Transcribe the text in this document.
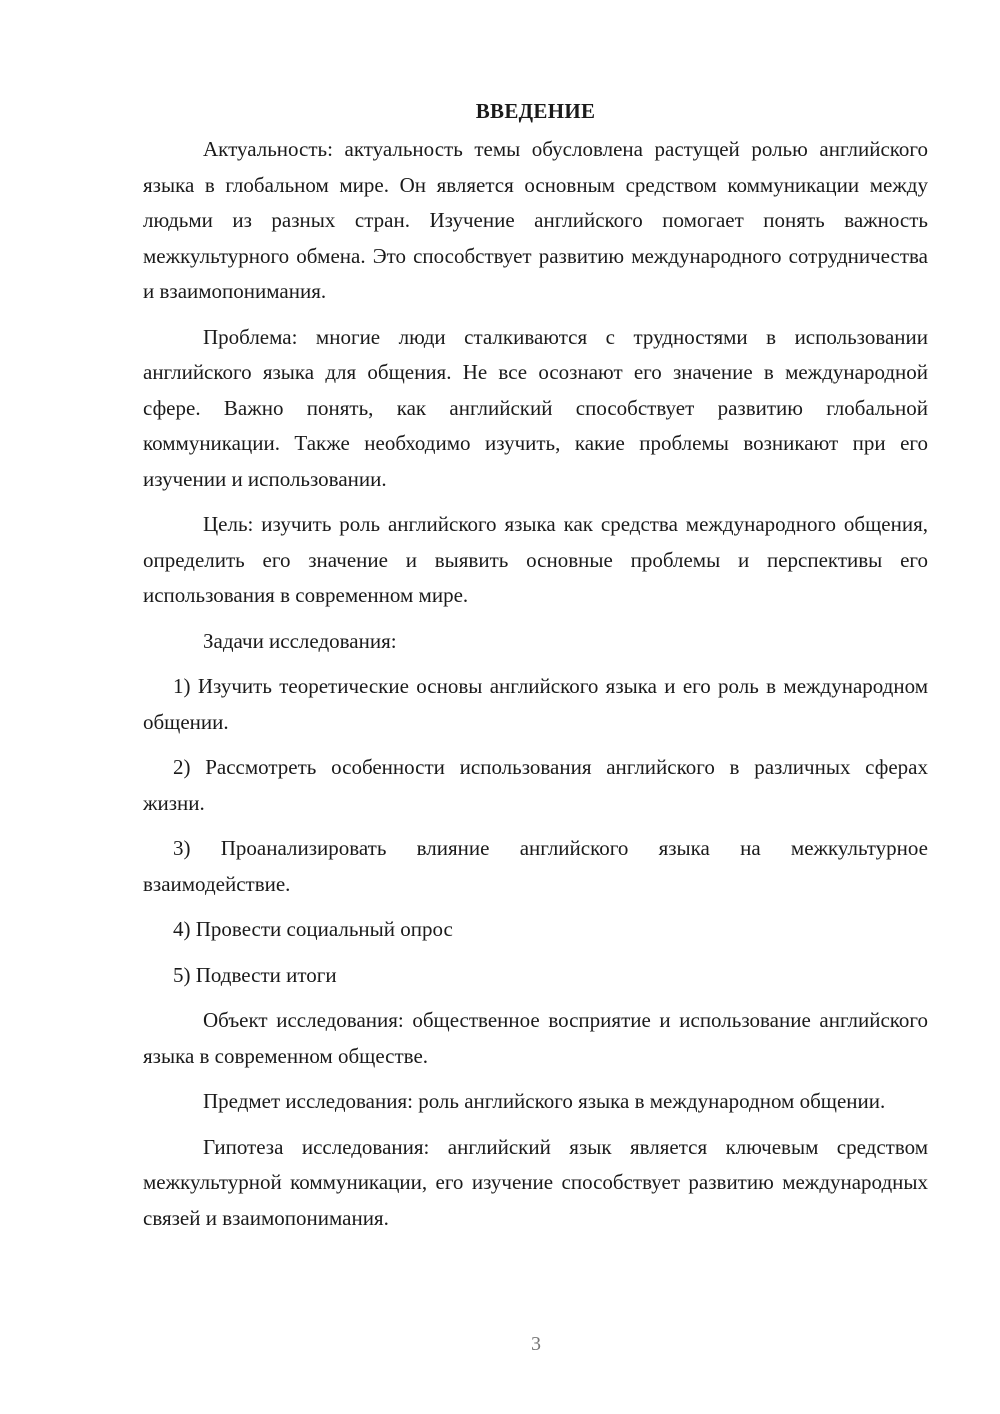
ВВЕДЕНИЕ

Актуальность: актуальность темы обусловлена растущей ролью английского языка в глобальном мире. Он является основным средством коммуникации между людьми из разных стран. Изучение английского помогает понять важность межкультурного обмена. Это способствует развитию международного сотрудничества и взаимопонимания.

Проблема: многие люди сталкиваются с трудностями в использовании английского языка для общения. Не все осознают его значение в международной сфере. Важно понять, как английский способствует развитию глобальной коммуникации. Также необходимо изучить, какие проблемы возникают при его изучении и использовании.

Цель: изучить роль английского языка как средства международного общения, определить его значение и выявить основные проблемы и перспективы его использования в современном мире.

Задачи исследования:

1) Изучить теоретические основы английского языка и его роль в международном общении.

2) Рассмотреть особенности использования английского в различных сферах жизни.

3) Проанализировать влияние английского языка на межкультурное взаимодействие.

4) Провести социальный опрос

5) Подвести итоги

Объект исследования: общественное восприятие и использование английского языка в современном обществе.

Предмет исследования: роль английского языка в международном общении.

Гипотеза исследования: английский язык является ключевым средством межкультурной коммуникации, его изучение способствует развитию международных связей и взаимопонимания.

3
